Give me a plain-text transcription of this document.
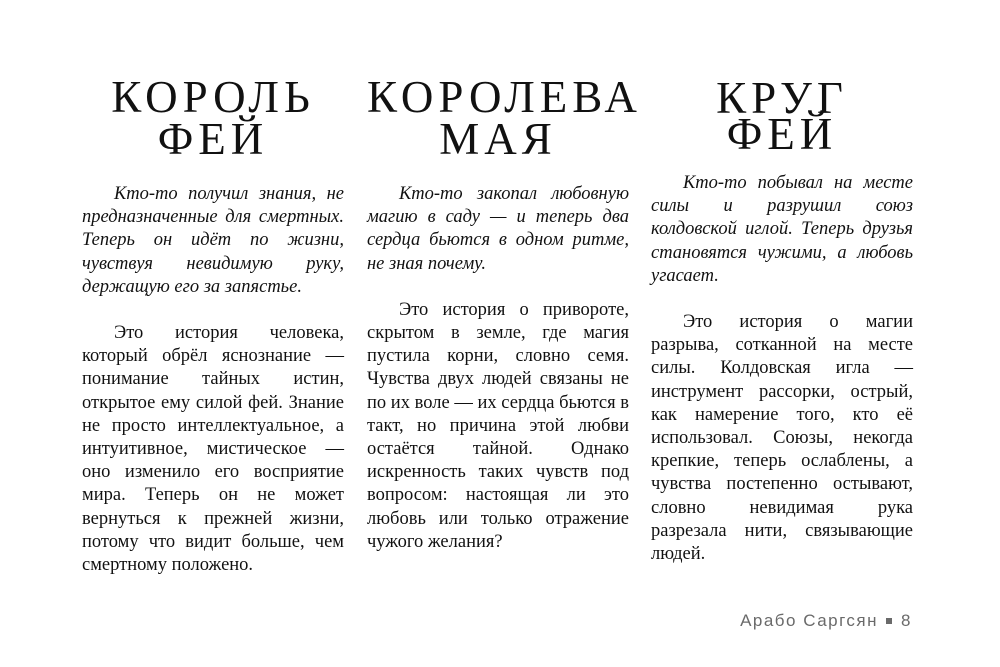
КОРОЛЬ
ФЕЙ

Кто-то получил знания, не предназначенные для смертных. Теперь он идёт по жизни, чувствуя невидимую руку, держащую его за запястье.

Это история человека, который обрёл яснознание — понимание тайных истин, открытое ему силой фей. Знание не просто интеллектуальное, а интуитивное, мистическое — оно изменило его восприятие мира. Теперь он не может вернуться к прежней жизни, потому что видит больше, чем смертному положено.

КОРОЛЕВА
МАЯ

Кто-то закопал любовную магию в саду — и теперь два сердца бьются в одном ритме, не зная почему.

Это история о привороте, скрытом в земле, где магия пустила корни, словно семя. Чувства двух людей связаны не по их воле — их сердца бьются в такт, но причина этой любви остаётся тайной. Однако искренность таких чувств под вопросом: настоящая ли это любовь или только отражение чужого желания?

КРУГ
ФЕЙ

Кто-то побывал на месте силы и разрушил союз колдовской иглой. Теперь друзья становятся чужими, а любовь угасает.

Это история о магии разрыва, сотканной на месте силы. Колдовская игла — инструмент рассорки, острый, как намерение того, кто её использовал. Союзы, некогда крепкие, теперь ослаблены, а чувства постепенно остывают, словно невидимая рука разрезала нити, связывающие людей.

Арабо Саргсян 8
